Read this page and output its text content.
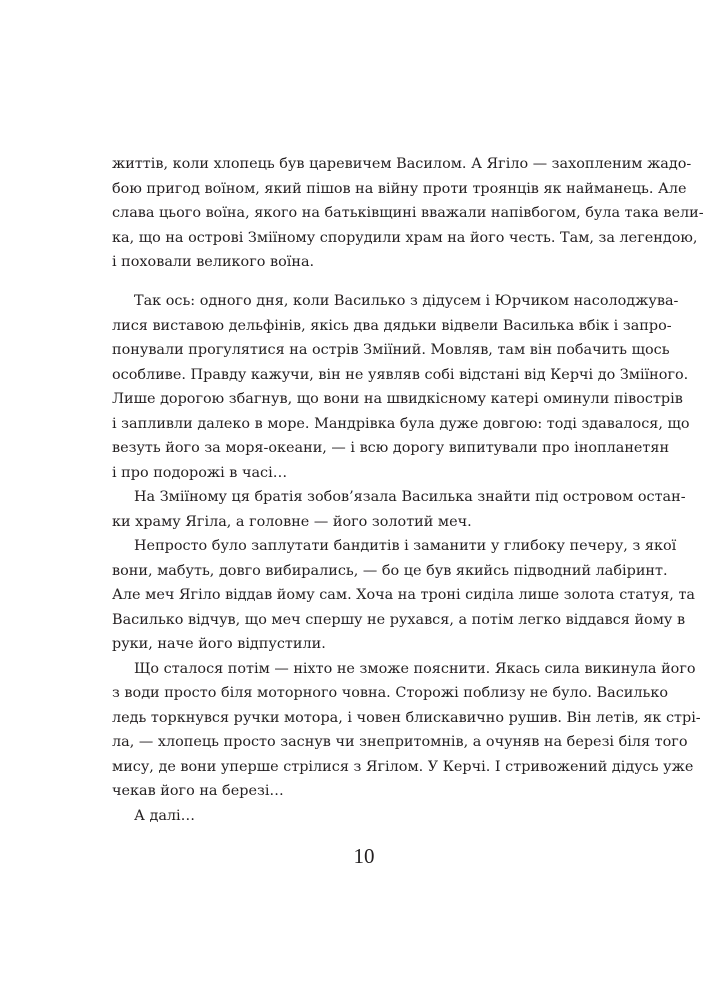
життів, коли хлопець був царевичем Василом. А Ягіло — захопленим жадо-
бою пригод воїном, який пішов на війну проти троянців як найманець. Але
слава цього воїна, якого на батьківщині вважали напівбогом, була така вели-
ка, що на острові Зміїному спорудили храм на його честь. Там, за легендою,
і поховали великого воїна.
Так ось: одного дня, коли Василько з дідусем і Юрчиком насолоджува-
лися виставою дельфінів, якісь два дядьки відвели Василька вбік і запро-
понували прогулятися на острів Зміїний. Мовляв, там він побачить щось
особливе. Правду кажучи, він не уявляв собі відстані від Керчі до Зміїного.
Лише дорогою збагнув, що вони на швидкісному катері оминули півострів
і запливли далеко в море. Мандрівка була дуже довгою: тоді здавалося, що
везуть його за моря-океани, — і всю дорогу випитували про інопланетян
і про подорожі в часі…
На Зміїному ця братія зобов’язала Василька знайти під островом остан-
ки храму Ягіла, а головне — його золотий меч.
Непросто було заплутати бандитів і заманити у глибоку печеру, з якої
вони, мабуть, довго вибирались, — бо це був якийсь підводний лабіринт.
Але меч Ягіло віддав йому сам. Хоча на троні сиділа лише золота статуя, та
Василько відчув, що меч спершу не рухався, а потім легко віддався йому в
руки, наче його відпустили.
Що сталося потім — ніхто не зможе пояснити. Якась сила викинула його
з води просто біля моторного човна. Сторожі поблизу не було. Василько
ледь торкнувся ручки мотора, і човен блискавично рушив. Він летів, як стрі-
ла, — хлопець просто заснув чи знепритомнів, а очуняв на березі біля того
мису, де вони уперше стрілися з Ягілом. У Керчі. І стривожений дідусь уже
чекав його на березі…
А далі…
10
